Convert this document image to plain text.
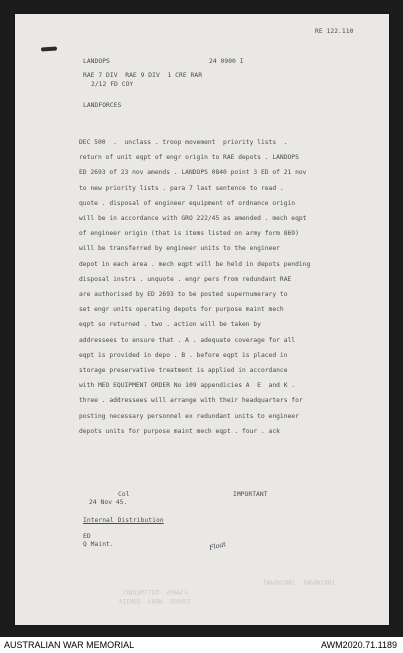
RE 122.110
LANDOPS	24 0900 I
RAE 7 DIV  RAE 9 DIV  1 CRE RAR
2/12 FD COY
LANDFORCES
DEC 500  .  unclass . troop movement  priority lists  .
return of unit eqpt of engr origin to RAE depots . LANDOPS
ED 2693 of 23 nov amends . LANDOPS 0840 point 3 ED of 21 nov
to new priority lists . para 7 last sentence to read .
quote . disposal of engineer equipment of ordnance origin
will be in accordance with GRO 222/45 as amended . mech eqpt
of engineer origin (that is items listed on army form 869)
will be transferred by engineer units to the engineer
depot in each area . mech eqpt will be held in depots pending
disposal instrs . unquote . engr pers from redundant RAE
are authorised by ED 2693 to be posted supernumerary to
set engr units operating depots for purpose maint mech
eqpt so returned . two . action will be taken by
addressees to ensure that . A . adequate coverage for all
eqpt is provided in depo . B . before eqpt is placed in
storage preservative treatment is applied in accordance
with MEO EQUIPMENT ORDER No 109 appendicies A  E  and K .
three . addressees will arrange with their headquarters for
posting necessary personnel ex redundant units to engineer
depots units for purpose maint mech eqpt . four . ack
Col	IMPORTANT
24 Nov 45.
Internal Distribution
Float
ED
Q Maint.
IMPORTANT  IMPORTANT
CONTROLLED  SUPPLY
VIEWED  FROM  SOURCE
AUSTRALIAN WAR MEMORIAL	AWM2020.71.1189
